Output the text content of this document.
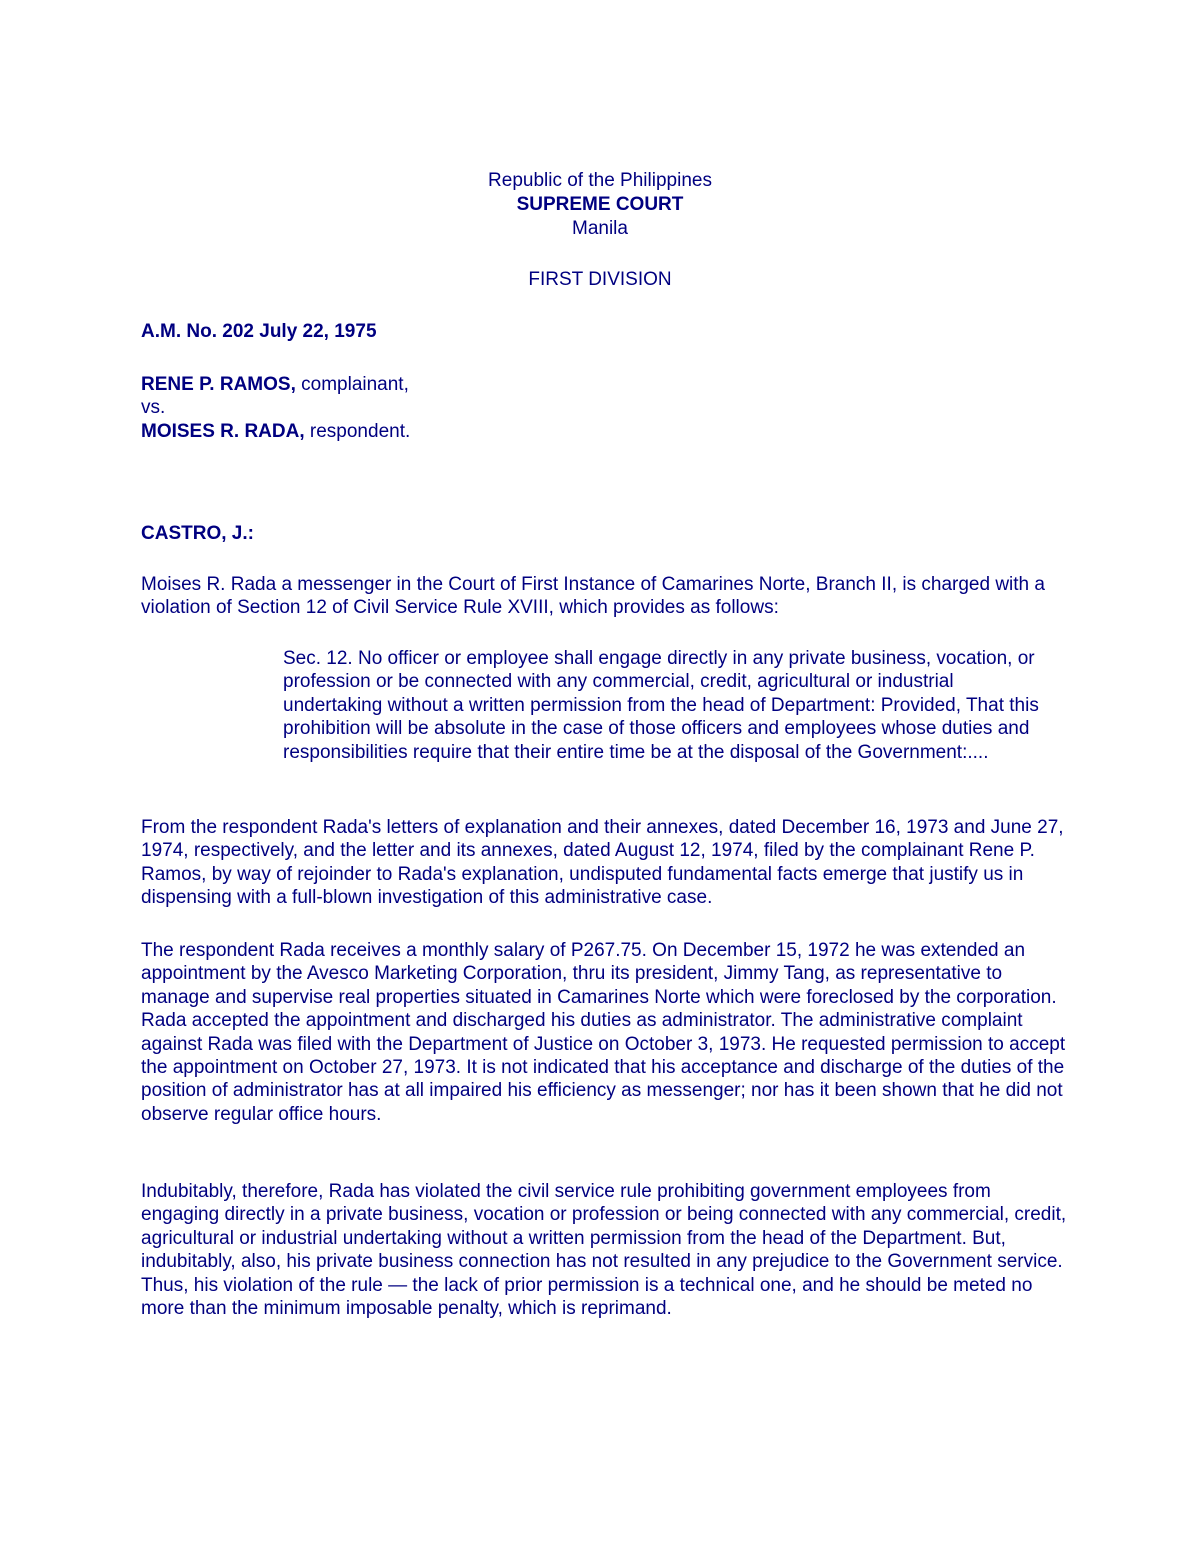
Republic of the Philippines
SUPREME COURT
Manila
FIRST DIVISION
A.M. No. 202 July 22, 1975
RENE P. RAMOS, complainant,
vs.
MOISES R. RADA, respondent.
CASTRO, J.:

Moises R. Rada a messenger in the Court of First Instance of Camarines Norte, Branch II, is charged with a violation of Section 12 of Civil Service Rule XVIII, which provides as follows:

Sec. 12. No officer or employee shall engage directly in any private business, vocation, or profession or be connected with any commercial, credit, agricultural or industrial undertaking without a written permission from the head of Department: Provided, That this prohibition will be absolute in the case of those officers and employees whose duties and responsibilities require that their entire time be at the disposal of the Government:....

From the respondent Rada's letters of explanation and their annexes, dated December 16, 1973 and June 27, 1974, respectively, and the letter and its annexes, dated August 12, 1974, filed by the complainant Rene P. Ramos, by way of rejoinder to Rada's explanation, undisputed fundamental facts emerge that justify us in dispensing with a full-blown investigation of this administrative case.

The respondent Rada receives a monthly salary of P267.75. On December 15, 1972 he was extended an appointment by the Avesco Marketing Corporation, thru its president, Jimmy Tang, as representative to manage and supervise real properties situated in Camarines Norte which were foreclosed by the corporation. Rada accepted the appointment and discharged his duties as administrator. The administrative complaint against Rada was filed with the Department of Justice on October 3, 1973. He requested permission to accept the appointment on October 27, 1973. It is not indicated that his acceptance and discharge of the duties of the position of administrator has at all impaired his efficiency as messenger; nor has it been shown that he did not observe regular office hours.

Indubitably, therefore, Rada has violated the civil service rule prohibiting government employees from engaging directly in a private business, vocation or profession or being connected with any commercial, credit, agricultural or industrial undertaking without a written permission from the head of the Department. But, indubitably, also, his private business connection has not resulted in any prejudice to the Government service. Thus, his violation of the rule — the lack of prior permission is a technical one, and he should be meted no more than the minimum imposable penalty, which is reprimand.
